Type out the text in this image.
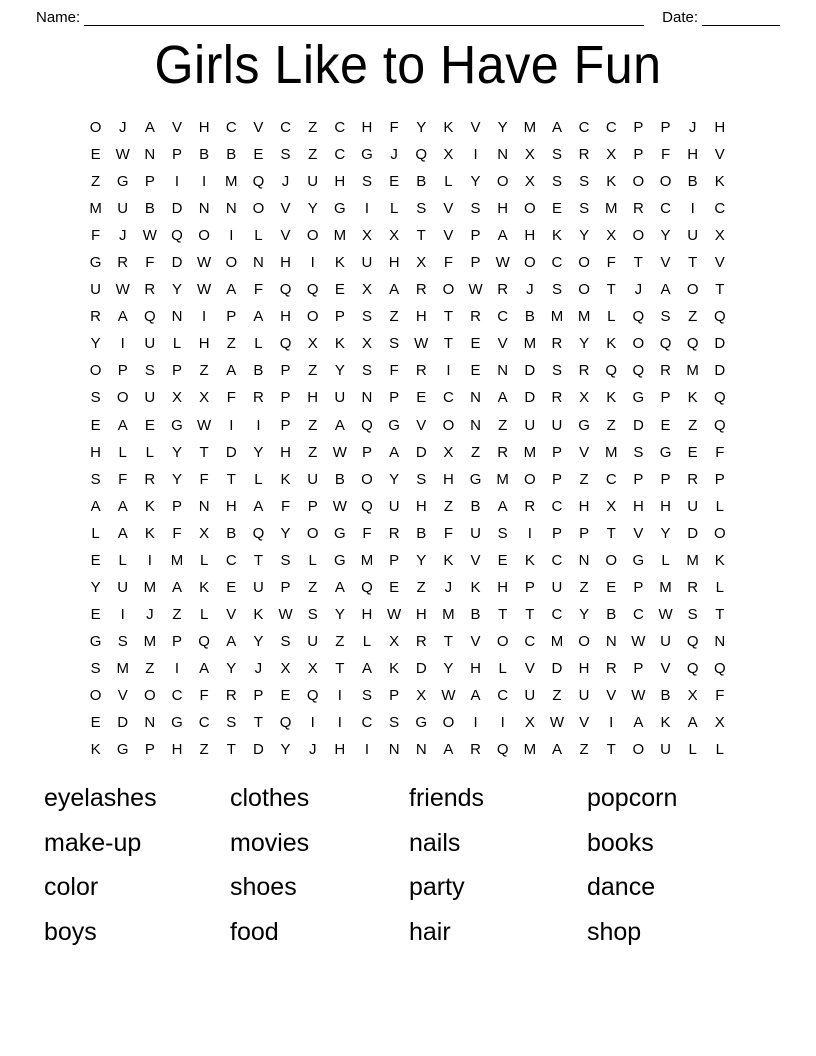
Name:	Date:
Girls Like to Have Fun
O	J	A	V	H	C	V	C	Z	C	H	F	Y	K	V	Y	M	A	C	C	P	P	J	H
E	W N	P	B	B	E	S	Z	C	G	J	Q	X	I	N	X	S	R	X	P	F	H	V
Z	G	P	I	I	M	Q	J	U	H	S	E	B	L	Y	O	X	S	S	K	O	O	B	K
M	U	B	D	N	N	O	V	Y	G	I	L	S	V	S	H	O	E	S	M	R	C	I	C
F	J	W Q	O	I	L	V	O	M	X	X	T	V	P	A	H	K	Y	X	O	Y	U	X
G	R	F	D W O	N	H	I	K	U	H	X	F	P	W O	C	O	F	T	V	T	V
U W R	Y	W	A	F	Q	Q	E	X	A	R	O W R	J	S	O	T	J	A	O	T
R	A	Q	N	I	P	A	H	O	P	S	Z	H	T	R	C	B	M M	L	Q	S	Z	Q
Y	I	U	L	H	Z	L	Q	X	K	X	S	W	T	E	V	M	R	Y	K	O	Q	Q	D
O	P	S	P	Z	A	B	P	Z	Y	S	F	R	I	E	N	D	S	R	Q	Q	R	M	D
S	O	U	X	X	F	R	P	H	U	N	P	E	C	N	A	D	R	X	K	G	P	K	Q
E	A	E	G W	I	I	P	Z	A	Q	G	V	O	N	Z	U	U	G	Z	D	E	Z	Q
H	L	L	Y	T	D	Y	H	Z	W	P	A	D	X	Z	R	M	P	V	M	S	G	E	F
S	F	R	Y	F	T	L	K	U	B	O	Y	S	H	G	M	O	P	Z	C	P	P	R	P
A	A	K	P	N	H	A	F	P	W Q	U	H	Z	B	A	R	C	H	X	H	H	U	L
L	A	K	F	X	B	Q	Y	O	G	F	R	B	F	U	S	I	P	P	T	V	Y	D	O
E	L	I	M	L	C	T	S	L	G	M	P	Y	K	V	E	K	C	N	O	G	L	M	K
Y	U	M	A	K	E	U	P	Z	A	Q	E	Z	J	K	H	P	U	Z	E	P	M	R	L
E	I	J	Z	L	V	K	W	S	Y	H W H	M	B	T	T	C	Y	B	C W	S	T
G	S	M	P	Q	A	Y	S	U	Z	L	X	R	T	V	O	C	M	O	N W U	Q	N
S	M	Z	I	A	Y	J	X	X	T	A	K	D	Y	H	L	V	D	H	R	P	V	Q	Q
O	V	O	C	F	R	P	E	Q	I	S	P	X	W	A	C	U	Z	U	V	W	B	X	F
E	D	N	G	C	S	T	Q	I	I	C	S	G	O	I	I	X	W	V	I	A	K	A	X
K	G	P	H	Z	T	D	Y	J	H	I	N	N	A	R	Q	M	A	Z	T	O	U	L	L
eyelashes	clothes	friends	popcorn
make-up	movies	nails	books
color	shoes	party	dance
boys	food	hair	shop
